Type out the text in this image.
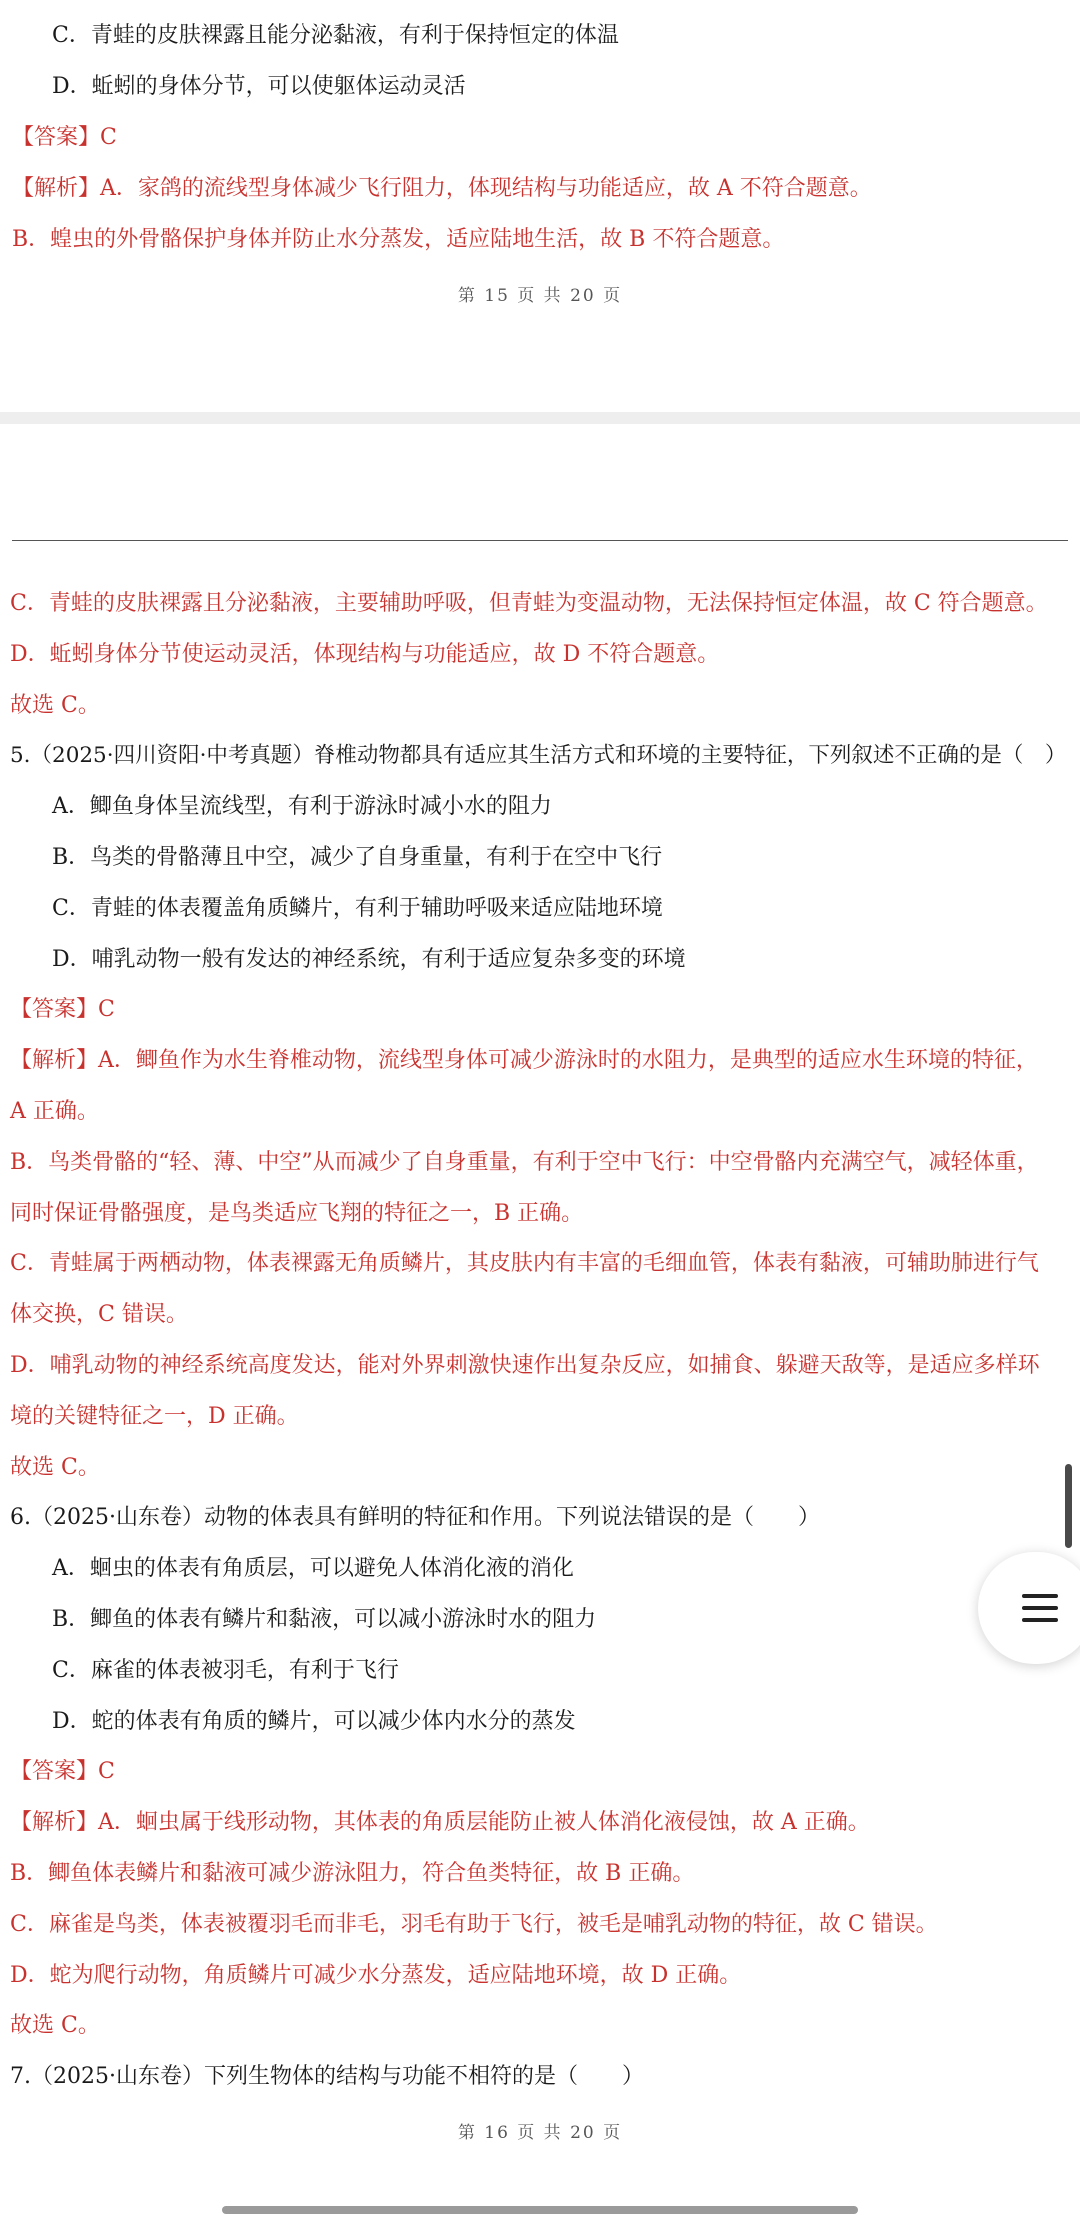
C．青蛙的皮肤裸露且能分泌黏液，有利于保持恒定的体温
D．蚯蚓的身体分节，可以使躯体运动灵活
【答案】C
【解析】A．家鸽的流线型身体减少飞行阻力，体现结构与功能适应，故 A 不符合题意。
B．蝗虫的外骨骼保护身体并防止水分蒸发，适应陆地生活，故 B 不符合题意。
第 15 页 共 20 页
C．青蛙的皮肤裸露且分泌黏液，主要辅助呼吸，但青蛙为变温动物，无法保持恒定体温，故 C 符合题意。
D．蚯蚓身体分节使运动灵活，体现结构与功能适应，故 D 不符合题意。
故选 C。
5.（2025·四川资阳·中考真题）脊椎动物都具有适应其生活方式和环境的主要特征，下列叙述不正确的是（　）
A．鲫鱼身体呈流线型，有利于游泳时减小水的阻力
B．鸟类的骨骼薄且中空，减少了自身重量，有利于在空中飞行
C．青蛙的体表覆盖角质鳞片，有利于辅助呼吸来适应陆地环境
D．哺乳动物一般有发达的神经系统，有利于适应复杂多变的环境
【答案】C
【解析】A．鲫鱼作为水生脊椎动物，流线型身体可减少游泳时的水阻力，是典型的适应水生环境的特征，
A 正确。
B．鸟类骨骼的“轻、薄、中空”从而减少了自身重量，有利于空中飞行：中空骨骼内充满空气，减轻体重，
同时保证骨骼强度，是鸟类适应飞翔的特征之一，B 正确。
C．青蛙属于两栖动物，体表裸露无角质鳞片，其皮肤内有丰富的毛细血管，体表有黏液，可辅助肺进行气
体交换，C 错误。
D．哺乳动物的神经系统高度发达，能对外界刺激快速作出复杂反应，如捕食、躲避天敌等，是适应多样环
境的关键特征之一，D 正确。
故选 C。
6.（2025·山东卷）动物的体表具有鲜明的特征和作用。下列说法错误的是（　　）
A．蛔虫的体表有角质层，可以避免人体消化液的消化
B．鲫鱼的体表有鳞片和黏液，可以减小游泳时水的阻力
C．麻雀的体表被羽毛，有利于飞行
D．蛇的体表有角质的鳞片，可以减少体内水分的蒸发
【答案】C
【解析】A．蛔虫属于线形动物，其体表的角质层能防止被人体消化液侵蚀，故 A 正确。
B．鲫鱼体表鳞片和黏液可减少游泳阻力，符合鱼类特征，故 B 正确。
C．麻雀是鸟类，体表被覆羽毛而非毛，羽毛有助于飞行，被毛是哺乳动物的特征，故 C 错误。
D．蛇为爬行动物，角质鳞片可减少水分蒸发，适应陆地环境，故 D 正确。
故选 C。
7.（2025·山东卷）下列生物体的结构与功能不相符的是（　　）
第 16 页 共 20 页
